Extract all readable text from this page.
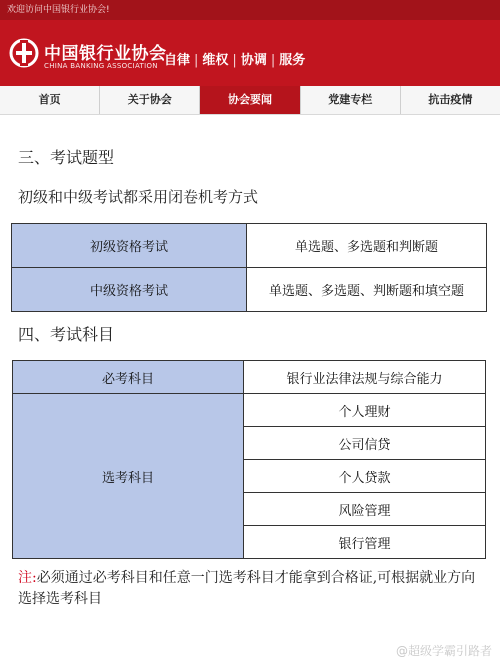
欢迎访问中国银行业协会!
中国银行业协会
CHINA BANKING ASSOCIATION 自律 | 维权 | 协调 | 服务
首页	关于协会	协会要闻	党建专栏	抗击疫情
三、考试题型
初级和中级考试都采用闭卷机考方式
初级资格考试	单选题、多选题和判断题
中级资格考试	单选题、多选题、判断题和填空题
四、考试科目
必考科目	银行业法律法规与综合能力
选考科目	个人理财
	公司信贷
	个人贷款
	风险管理
	银行管理
注:必须通过必考科目和任意一门选考科目才能拿到合格证,可根据就业方向选择选考科目
@超级学霸引路者
